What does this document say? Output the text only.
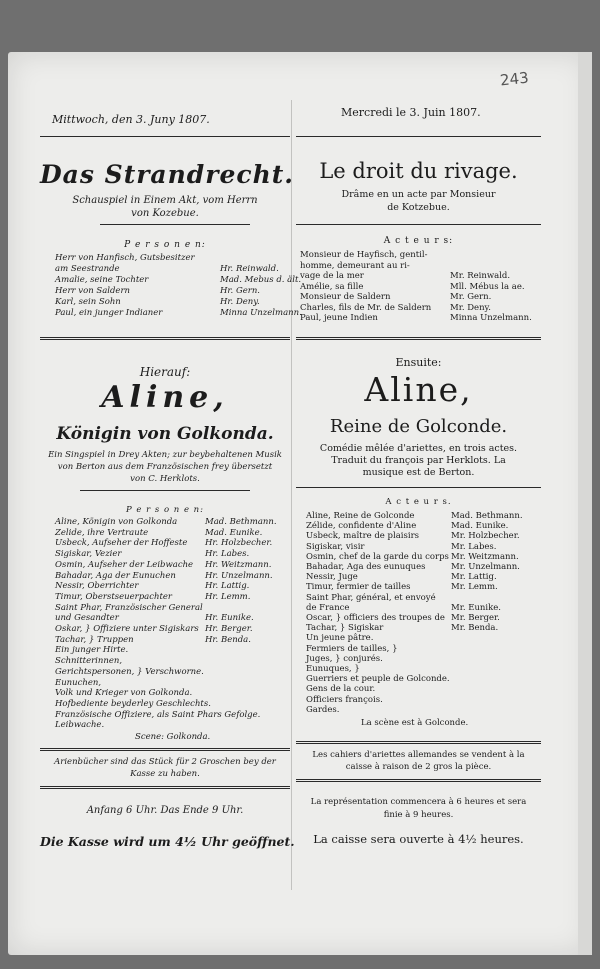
243
Mittwoch, den 3. Juny 1807.
Das Strandrecht.
Schauspiel in Einem Akt, vom Herrn
von Kozebue.
P e r s o n e n:
Herr von Hanfisch, Gutsbesitzer
am Seestrande	Hr. Reinwald.
Amalie, seine Tochter	Mad. Mebus d. ält.
Herr von Saldern	Hr. Gern.
Karl, sein Sohn	Hr. Deny.
Paul, ein junger Indianer	Minna Unzelmann.
Hierauf:
Aline,
Königin von Golkonda.
Ein Singspiel in Drey Akten; zur beybehaltenen Musik
von Berton aus dem Französischen frey übersetzt
von C. Herklots.
P e r s o n e n:
Aline, Königin von Golkonda	Mad. Bethmann.
Zelide, ihre Vertraute	Mad. Eunike.
Usbeck, Aufseher der Hoffeste Hr. Holzbecher.
Sigiskar, Vezier	Hr. Labes.
Osmin, Aufseher der Leibwache Hr. Weitzmann.
Bahadar, Aga der Eunuchen	Hr. Unzelmann.
Nessir, Oberrichter	Hr. Lattig.
Timur, Oberstseuerpachter	Hr. Lemm.
Saint Phar, Französischer General
und Gesandter	Hr. Eunike.
Oskar, } Offiziere unter Sigiskars Hr. Berger.
Tachar, } Truppen	Hr. Benda.
Ein junger Hirte.
Schnitterinnen,
Gerichtspersonen, } Verschworne.
Eunuchen,
Volk und Krieger von Golkonda.
Hofbediente beyderley Geschlechts.
Französische Offiziere, als Saint Phars Gefolge.
Leibwache.
Scene: Golkonda.
Arienbücher sind das Stück für 2 Groschen bey der
Kasse zu haben.
Anfang 6 Uhr. Das Ende 9 Uhr.
Die Kasse wird um 4½ Uhr geöffnet.
Mercredi le 3. Juin 1807.
Le droit du rivage.
Drâme en un acte par Monsieur
de Kotzebue.
A c t e u r s:
Monsieur de Hayfisch, gentil-
homme, demeurant au ri-
vage de la mer	Mr. Reinwald.
Amélie, sa fille	Mll. Mébus la ae.
Monsieur de Saldern	Mr. Gern.
Charles, fils de Mr. de Saldern Mr. Deny.
Paul, jeune Indien	Minna Unzelmann.
Ensuite:
Aline,
Reine de Golconde.
Comédie mêlée d'ariettes, en trois actes.
Traduit du françois par Herklots. La
musique est de Berton.
A c t e u r s.
Aline, Reine de Golconde	Mad. Bethmann.
Zélide, confidente d'Aline	Mad. Eunike.
Usbeck, maître de plaisirs	Mr. Holzbecher.
Sigiskar, visir	Mr. Labes.
Osmin, chef de la garde du corps Mr. Weitzmann.
Bahadar, Aga des eunuques	Mr. Unzelmann.
Nessir, Juge	Mr. Lattig.
Timur, fermier de tailles	Mr. Lemm.
Saint Phar, général, et envoyé
de France	Mr. Eunike.
Oscar, } officiers des troupes de Mr. Berger.
Tachar, } Sigiskar	Mr. Benda.
Un jeune pâtre.
Fermiers de tailles, }
Juges, } conjurés.
Eunuques, }
Guerriers et peuple de Golconde.
Gens de la cour.
Officiers françois.
Gardes.
La scène est à Golconde.
Les cahiers d'ariettes allemandes se vendent à la
caisse à raison de 2 gros la pièce.
La représentation commencera à 6 heures et sera
finie à 9 heures.
La caisse sera ouverte à 4½ heures.
